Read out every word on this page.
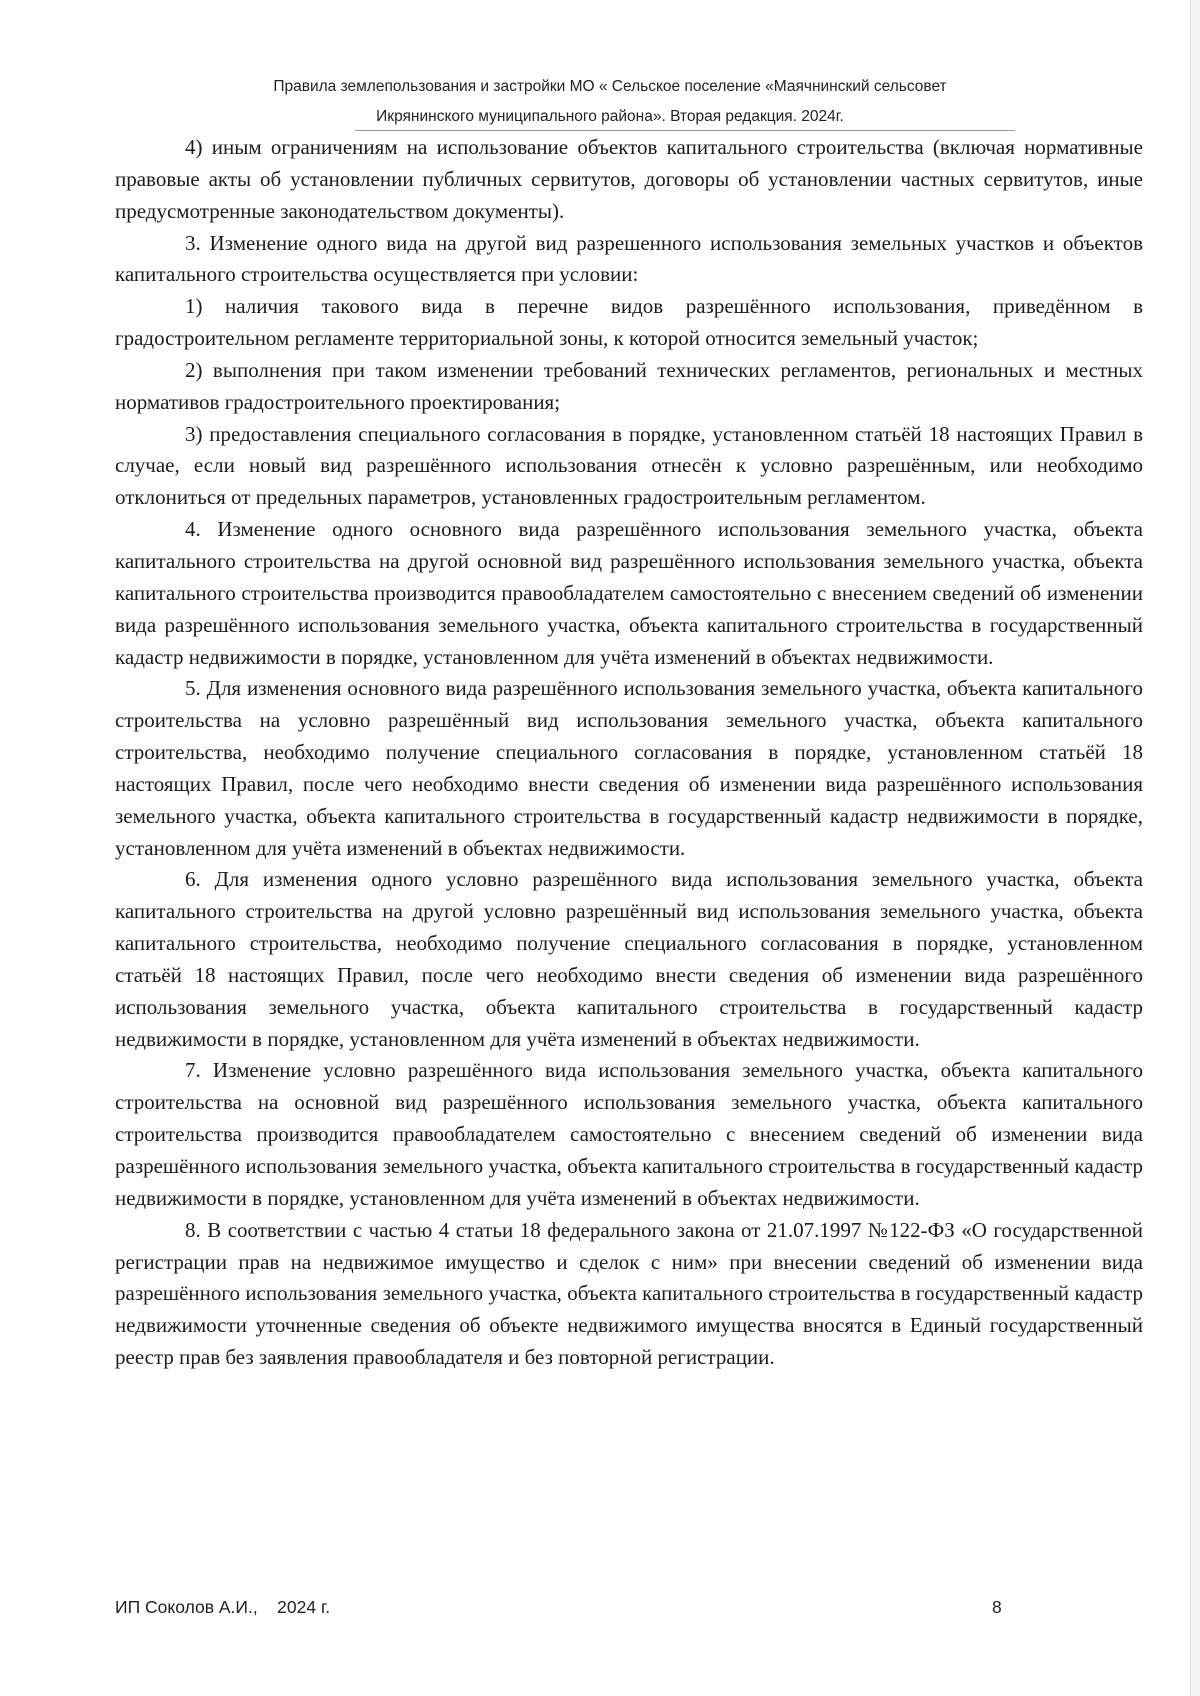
Правила землепользования и застройки МО « Сельское поселение «Маячнинский сельсовет
Икрянинского муниципального района». Вторая редакция. 2024г.

4) иным ограничениям на использование объектов капитального строительства (включая нормативные правовые акты об установлении публичных сервитутов, договоры об установлении частных сервитутов, иные предусмотренные законодательством документы).

3. Изменение одного вида на другой вид разрешенного использования земельных участков и объектов капитального строительства осуществляется при условии:

1) наличия такового вида в перечне видов разрешённого использования, приведённом в градостроительном регламенте территориальной зоны, к которой относится земельный участок;

2) выполнения при таком изменении требований технических регламентов, региональных и местных нормативов градостроительного проектирования;

3) предоставления специального согласования в порядке, установленном статьёй 18 настоящих Правил в случае, если новый вид разрешённого использования отнесён к условно разрешённым, или необходимо отклониться от предельных параметров, установленных градостроительным регламентом.

4. Изменение одного основного вида разрешённого использования земельного участка, объекта капитального строительства на другой основной вид разрешённого использования земельного участка, объекта капитального строительства производится правообладателем самостоятельно с внесением сведений об изменении вида разрешённого использования земельного участка, объекта капитального строительства в государственный кадастр недвижимости в порядке, установленном для учёта изменений в объектах недвижимости.

5. Для изменения основного вида разрешённого использования земельного участка, объекта капитального строительства на условно разрешённый вид использования земельного участка, объекта капитального строительства, необходимо получение специального согласования в порядке, установленном статьёй 18 настоящих Правил, после чего необходимо внести сведения об изменении вида разрешённого использования земельного участка, объекта капитального строительства в государственный кадастр недвижимости в порядке, установленном для учёта изменений в объектах недвижимости.

6. Для изменения одного условно разрешённого вида использования земельного участка, объекта капитального строительства на другой условно разрешённый вид использования земельного участка, объекта капитального строительства, необходимо получение специального согласования в порядке, установленном статьёй 18 настоящих Правил, после чего необходимо внести сведения об изменении вида разрешённого использования земельного участка, объекта капитального строительства в государственный кадастр недвижимости в порядке, установленном для учёта изменений в объектах недвижимости.

7. Изменение условно разрешённого вида использования земельного участка, объекта капитального строительства на основной вид разрешённого использования земельного участка, объекта капитального строительства производится правообладателем самостоятельно с внесением сведений об изменении вида разрешённого использования земельного участка, объекта капитального строительства в государственный кадастр недвижимости в порядке, установленном для учёта изменений в объектах недвижимости.

8. В соответствии с частью 4 статьи 18 федерального закона от 21.07.1997 №122-ФЗ «О государственной регистрации прав на недвижимое имущество и сделок с ним» при внесении сведений об изменении вида разрешённого использования земельного участка, объекта капитального строительства в государственный кадастр недвижимости уточненные сведения об объекте недвижимого имущества вносятся в Единый государственный реестр прав без заявления правообладателя и без повторной регистрации.

ИП Соколов А.И.,    2024 г.	8
